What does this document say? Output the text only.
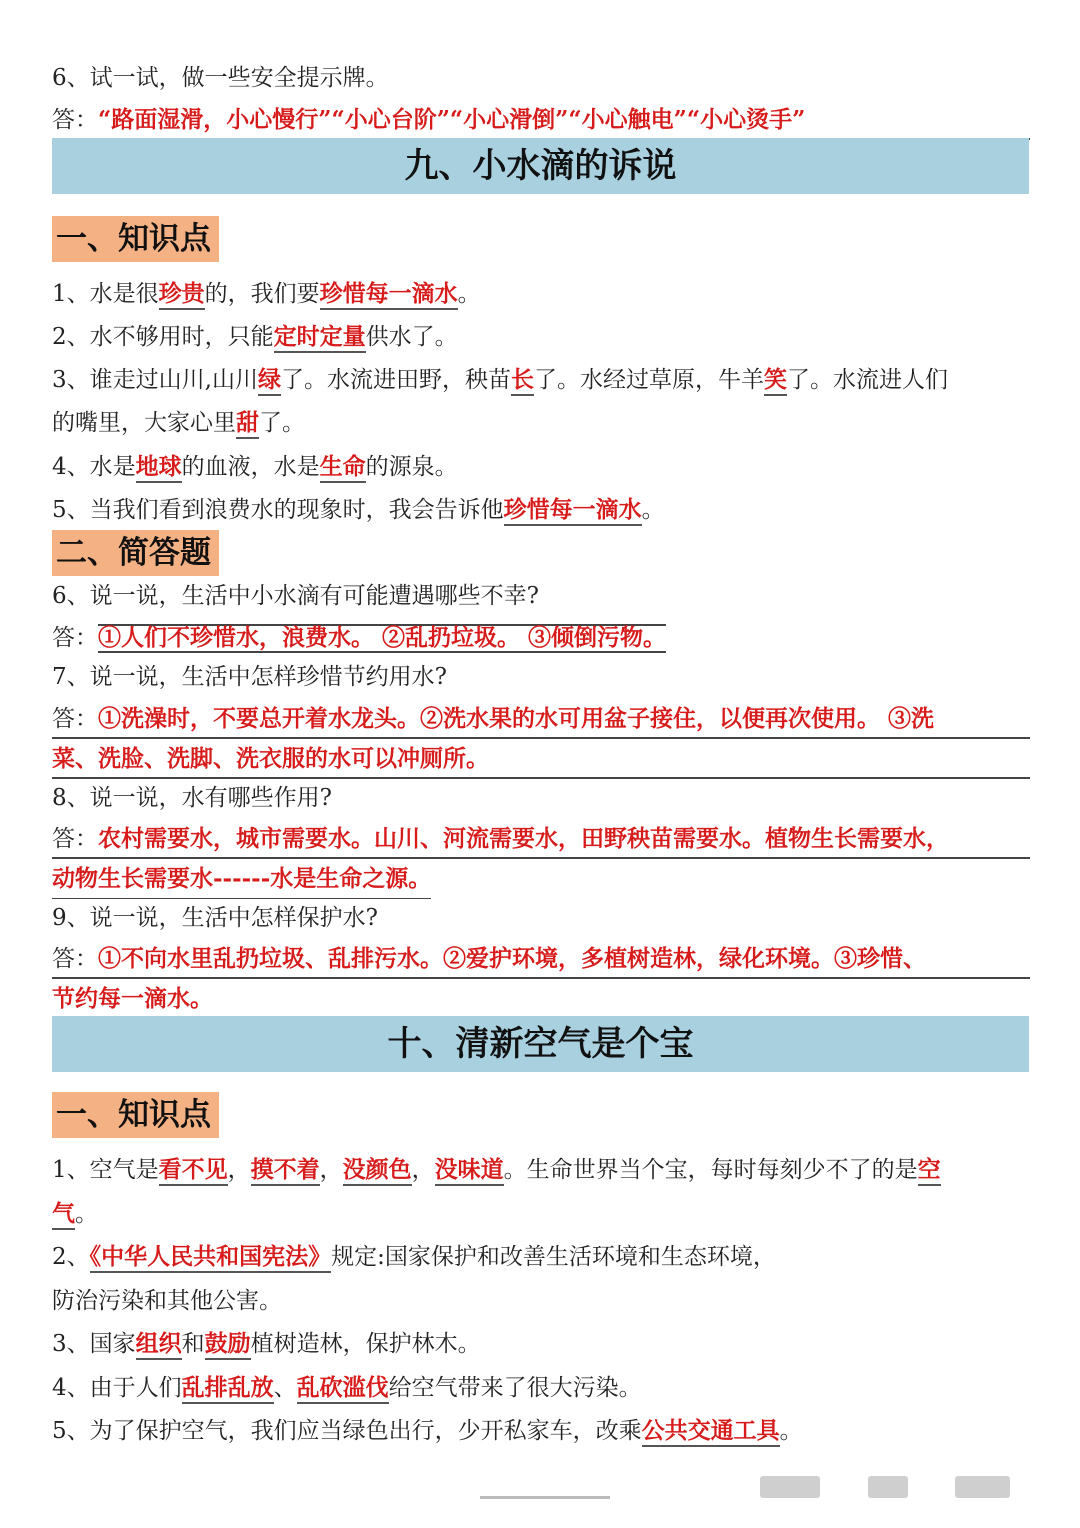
6、试一试，做一些安全提示牌。
答：“路面湿滑，小心慢行”“小心台阶”“小心滑倒”“小心触电”“小心烫手”
九、小水滴的诉说
一、知识点
1、水是很珍贵的，我们要珍惜每一滴水。
2、水不够用时，只能定时定量供水了。
3、谁走过山川,山川绿了。水流进田野，秧苗长了。水经过草原，牛羊笑了。水流进人们
的嘴里，大家心里甜了。
4、水是地球的血液，水是生命的源泉。
5、当我们看到浪费水的现象时，我会告诉他珍惜每一滴水。
二、简答题
6、说一说，生活中小水滴有可能遭遇哪些不幸?
答：①人们不珍惜水，浪费水。 ②乱扔垃圾。 ③倾倒污物。
7、说一说，生活中怎样珍惜节约用水?
答：①洗澡时，不要总开着水龙头。②洗水果的水可用盆子接住，以便再次使用。 ③洗
菜、洗脸、洗脚、洗衣服的水可以冲厕所。
8、说一说，水有哪些作用?
答：农村需要水，城市需要水。山川、河流需要水，田野秧苗需要水。植物生长需要水，
动物生长需要水------水是生命之源。
9、说一说，生活中怎样保护水?
答：①不向水里乱扔垃圾、乱排污水。②爱护环境，多植树造林，绿化环境。③珍惜、
节约每一滴水。
十、清新空气是个宝
一、知识点
1、空气是看不见，摸不着，没颜色，没味道。生命世界当个宝，每时每刻少不了的是空
气。
2、《中华人民共和国宪法》规定:国家保护和改善生活环境和生态环境，
防治污染和其他公害。
3、国家组织和鼓励植树造林，保护林木。
4、由于人们乱排乱放、乱砍滥伐给空气带来了很大污染。
5、为了保护空气，我们应当绿色出行，少开私家车，改乘公共交通工具。
